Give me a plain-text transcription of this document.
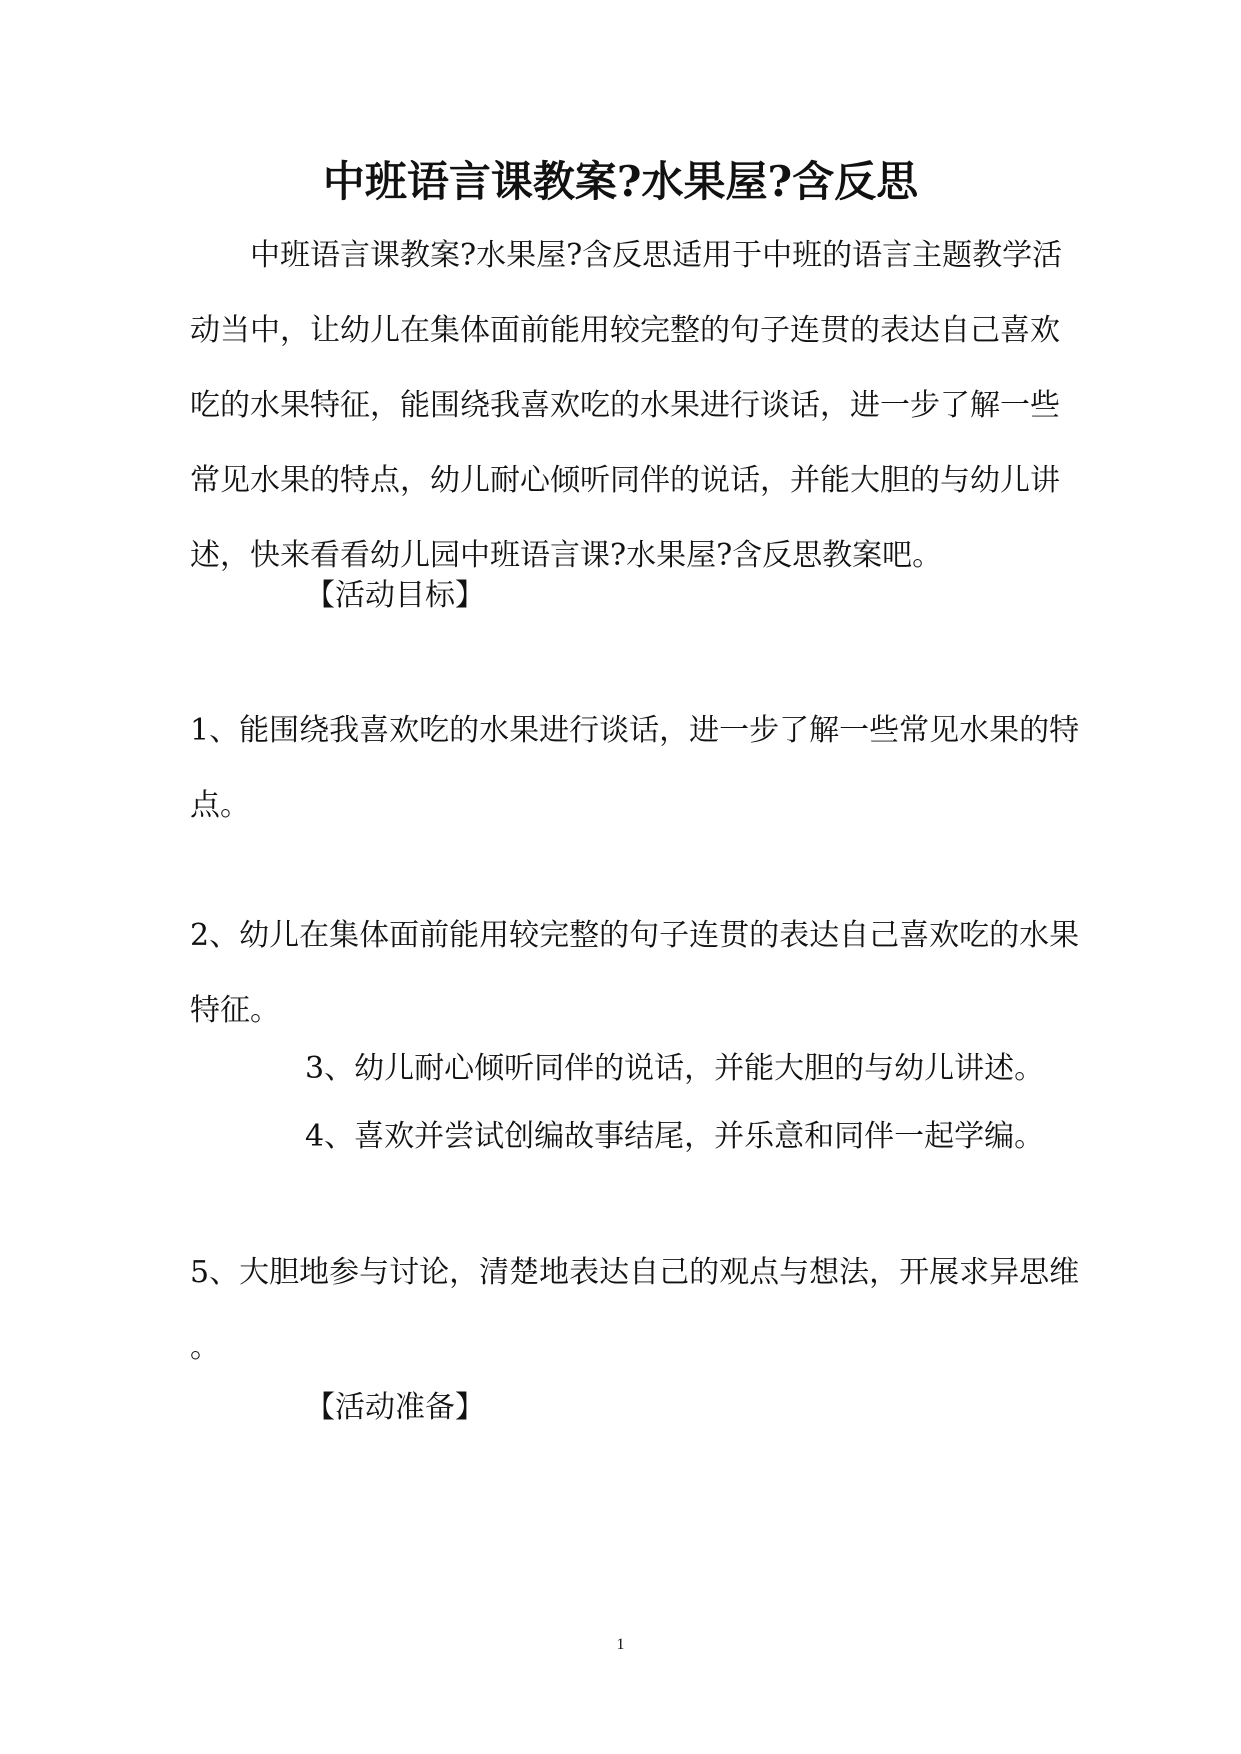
中班语言课教案?水果屋?含反思
中班语言课教案?水果屋?含反思适用于中班的语言主题教学活
动当中，让幼儿在集体面前能用较完整的句子连贯的表达自己喜欢
吃的水果特征，能围绕我喜欢吃的水果进行谈话，进一步了解一些
常见水果的特点，幼儿耐心倾听同伴的说话，并能大胆的与幼儿讲
述，快来看看幼儿园中班语言课?水果屋?含反思教案吧。
【活动目标】
1、能围绕我喜欢吃的水果进行谈话，进一步了解一些常见水果的特
点。
2、幼儿在集体面前能用较完整的句子连贯的表达自己喜欢吃的水果
特征。
3、幼儿耐心倾听同伴的说话，并能大胆的与幼儿讲述。
4、喜欢并尝试创编故事结尾，并乐意和同伴一起学编。
5、大胆地参与讨论，清楚地表达自己的观点与想法，开展求异思维
。
【活动准备】
1
